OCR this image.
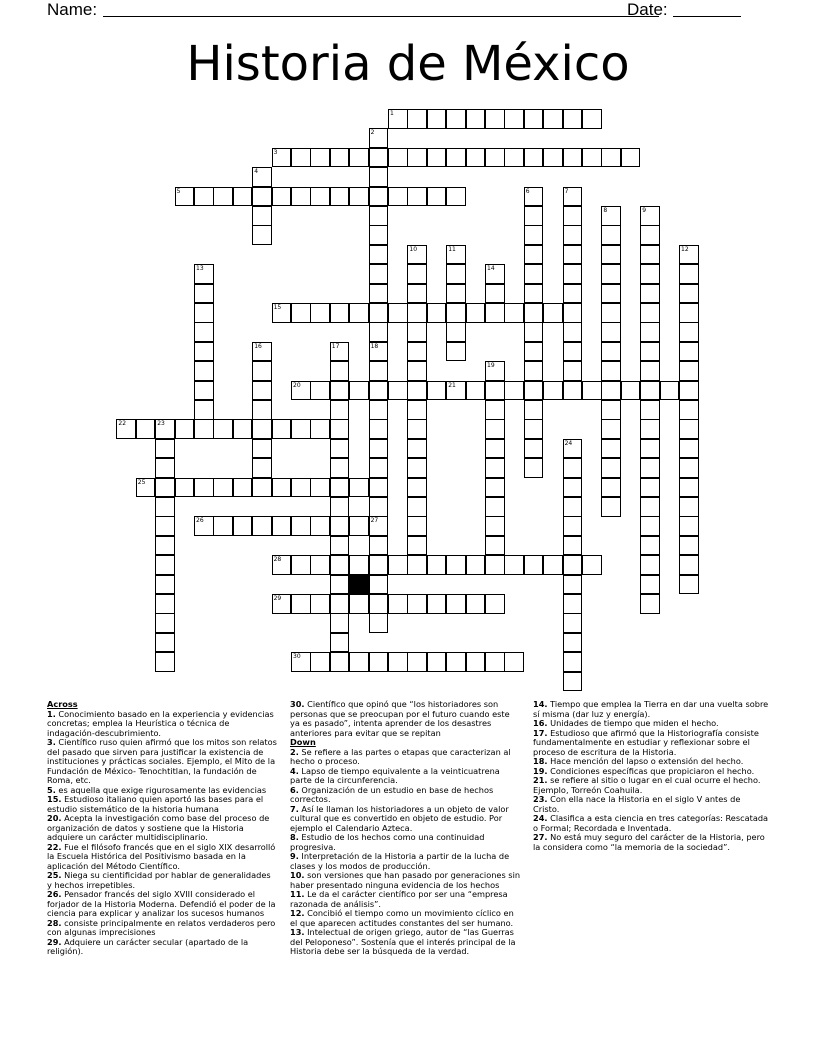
Name:	Date:
Historia de México
1
3
5
15
20	21
22
25
26
28
29
30
2
4
6	7
8	9
10	11	12
13	14
16	17	18
19
23
24
27
Across
1. Conocimiento basado en la experiencia y evidencias concretas; emplea la Heurística o técnica de indagación-descubrimiento.
3. Científico ruso quien afirmó que los mitos son relatos del pasado que sirven para justificar la existencia de instituciones y prácticas sociales. Ejemplo, el Mito de la Fundación de México- Tenochtitlan, la fundación de Roma, etc.
5. es aquella que exige rigurosamente las evidencias
15. Estudioso italiano quien aportó las bases para el estudio sistemático de la historia humana
20. Acepta la investigación como base del proceso de organización de datos y sostiene que la Historia adquiere un carácter multidisciplinario.
22. Fue el filósofo francés que en el siglo XIX desarrolló la Escuela Histórica del Positivismo basada en la aplicación del Método Científico.
25. Niega su cientificidad por hablar de generalidades y hechos irrepetibles.
26. Pensador francés del siglo XVIII considerado el forjador de la Historia Moderna. Defendió el poder de la ciencia para explicar y analizar los sucesos humanos
28. consiste principalmente en relatos verdaderos pero con algunas imprecisiones
29. Adquiere un carácter secular (apartado de la religión).
30. Científico que opinó que “los historiadores son personas que se preocupan por el futuro cuando este ya es pasado”, intenta aprender de los desastres anteriores para evitar que se repitan
Down
2. Se refiere a las partes o etapas que caracterizan al hecho o proceso.
4. Lapso de tiempo equivalente a la veinticuatrena parte de la circunferencia.
6. Organización de un estudio en base de hechos correctos.
7. Así le llaman los historiadores a un objeto de valor cultural que es convertido en objeto de estudio. Por ejemplo el Calendario Azteca.
8. Estudio de los hechos como una continuidad progresiva.
9. Interpretación de la Historia a partir de la lucha de clases y los modos de producción.
10. son versiones que han pasado por generaciones sin haber presentado ninguna evidencia de los hechos
11. Le da el carácter científico por ser una “empresa razonada de análisis”.
12. Concibió el tiempo como un movimiento cíclico en el que aparecen actitudes constantes del ser humano.
13. Intelectual de origen griego, autor de “las Guerras del Peloponeso”. Sostenía que el interés principal de la Historia debe ser la búsqueda de la verdad.
14. Tiempo que emplea la Tierra en dar una vuelta sobre sí misma (dar luz y energía).
16. Unidades de tiempo que miden el hecho.
17. Estudioso que afirmó que la Historiografía consiste fundamentalmente en estudiar y reflexionar sobre el proceso de escritura de la Historia.
18. Hace mención del lapso o extensión del hecho.
19. Condiciones específicas que propiciaron el hecho.
21. se refiere al sitio o lugar en el cual ocurre el hecho. Ejemplo, Torreón Coahuila.
23. Con ella nace la Historia en el siglo V antes de Cristo.
24. Clasifica a esta ciencia en tres categorías: Rescatada o Formal; Recordada e Inventada.
27. No está muy seguro del carácter de la Historia, pero la considera como “la memoria de la sociedad”.
